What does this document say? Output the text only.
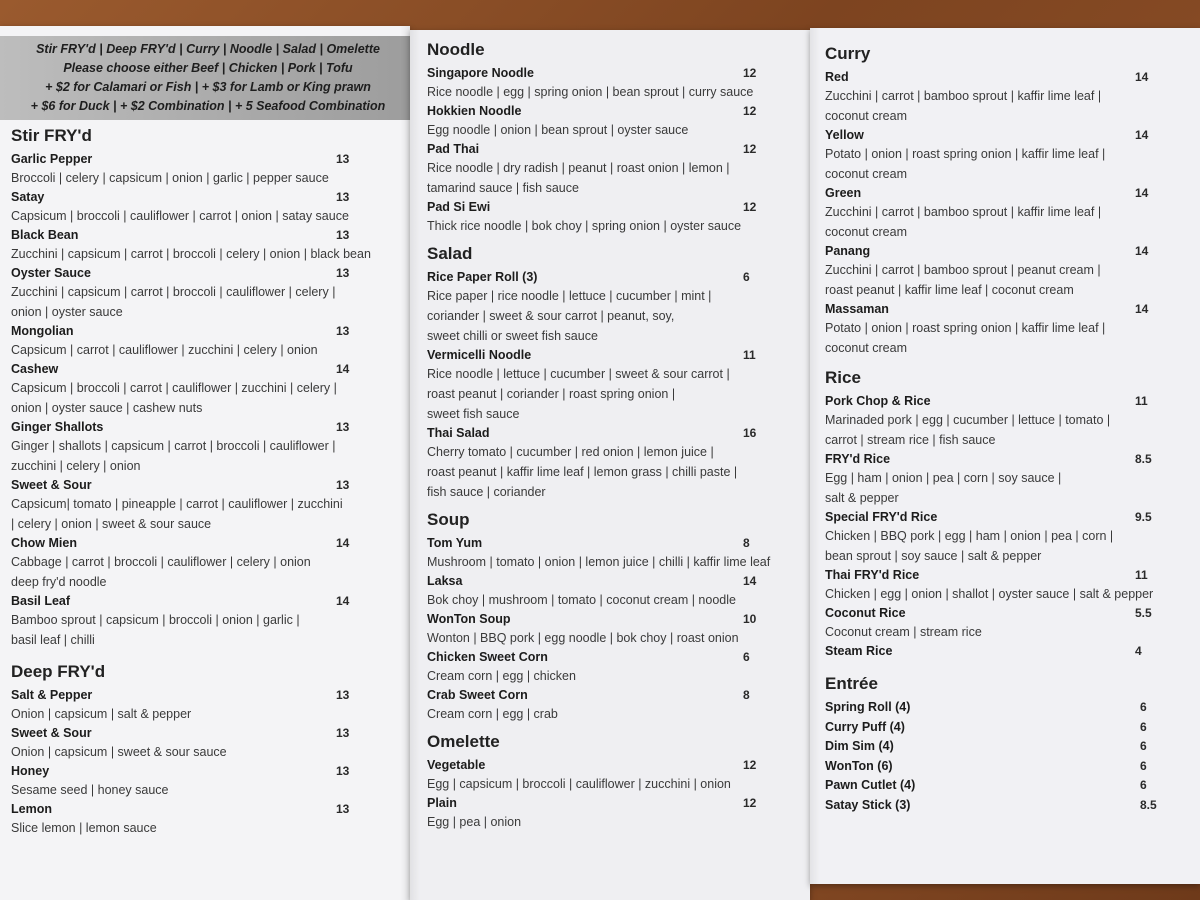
Stir FRY'd | Deep FRY'd | Curry | Noodle | Salad | Omelette
Please choose either Beef | Chicken | Pork | Tofu
+ $2 for Calamari or Fish | + $3 for Lamb or King prawn
+ $6 for Duck | + $2 Combination | + 5 Seafood Combination
Stir FRY'd
Garlic Pepper	13
Broccoli | celery | capsicum | onion | garlic | pepper sauce
Satay	13
Capsicum | broccoli | cauliflower | carrot | onion | satay sauce
Black Bean	13
Zucchini | capsicum | carrot | broccoli | celery | onion | black bean
Oyster Sauce	13
Zucchini | capsicum | carrot | broccoli | cauliflower | celery |
onion | oyster sauce
Mongolian	13
Capsicum | carrot | cauliflower | zucchini | celery | onion
Cashew	14
Capsicum | broccoli | carrot | cauliflower | zucchini | celery |
onion | oyster sauce | cashew nuts
Ginger Shallots	13
Ginger | shallots | capsicum | carrot | broccoli | cauliflower |
zucchini | celery | onion
Sweet & Sour	13
Capsicum| tomato | pineapple | carrot | cauliflower | zucchini
| celery | onion | sweet & sour sauce
Chow Mien	14
Cabbage | carrot | broccoli | cauliflower | celery | onion
deep fry'd noodle
Basil Leaf	14
Bamboo sprout | capsicum | broccoli | onion | garlic |
basil leaf | chilli
Deep FRY'd
Salt & Pepper	13
Onion | capsicum | salt & pepper
Sweet & Sour	13
Onion | capsicum | sweet & sour sauce
Honey	13
Sesame seed | honey sauce
Lemon	13
Slice lemon | lemon sauce
Noodle
Singapore Noodle	12
Rice noodle | egg | spring onion | bean sprout | curry sauce
Hokkien Noodle	12
Egg noodle | onion | bean sprout | oyster sauce
Pad Thai	12
Rice noodle | dry radish | peanut | roast onion | lemon |
tamarind sauce | fish sauce
Pad Si Ewi	12
Thick rice noodle | bok choy | spring onion | oyster sauce
Salad
Rice Paper Roll (3)	6
Rice paper | rice noodle | lettuce | cucumber | mint |
coriander | sweet & sour carrot | peanut, soy,
sweet chilli or sweet fish sauce
Vermicelli Noodle	11
Rice noodle | lettuce | cucumber | sweet & sour carrot |
roast peanut | coriander | roast spring onion |
sweet fish sauce
Thai Salad	16
Cherry tomato | cucumber | red onion | lemon juice |
roast peanut | kaffir lime leaf | lemon grass | chilli paste |
fish sauce | coriander
Soup
Tom Yum	8
Mushroom | tomato | onion | lemon juice | chilli | kaffir lime leaf
Laksa	14
Bok choy | mushroom | tomato | coconut cream | noodle
WonTon Soup	10
Wonton | BBQ pork | egg noodle | bok choy | roast onion
Chicken Sweet Corn	6
Cream corn | egg | chicken
Crab Sweet Corn	8
Cream corn | egg | crab
Omelette
Vegetable	12
Egg | capsicum | broccoli | cauliflower | zucchini | onion
Plain	12
Egg | pea | onion
Curry
Red	14
Zucchini | carrot | bamboo sprout | kaffir lime leaf |
coconut cream
Yellow	14
Potato | onion | roast spring onion | kaffir lime leaf |
coconut cream
Green	14
Zucchini | carrot | bamboo sprout | kaffir lime leaf |
coconut cream
Panang	14
Zucchini | carrot | bamboo sprout | peanut cream |
roast peanut | kaffir lime leaf | coconut cream
Massaman	14
Potato | onion | roast spring onion | kaffir lime leaf |
coconut cream
Rice
Pork Chop & Rice	11
Marinaded pork | egg | cucumber | lettuce | tomato |
carrot | stream rice | fish sauce
FRY'd Rice	8.5
Egg | ham | onion | pea | corn | soy sauce |
salt & pepper
Special FRY'd Rice	9.5
Chicken | BBQ pork | egg | ham | onion | pea | corn |
bean sprout | soy sauce | salt & pepper
Thai FRY'd Rice	11
Chicken | egg | onion | shallot | oyster sauce | salt & pepper
Coconut Rice	5.5
Coconut cream | stream rice
Steam Rice	4
Entrée
Spring Roll (4)	6
Curry Puff (4)	6
Dim Sim (4)	6
WonTon (6)	6
Pawn Cutlet (4)	6
Satay Stick (3)	8.5
